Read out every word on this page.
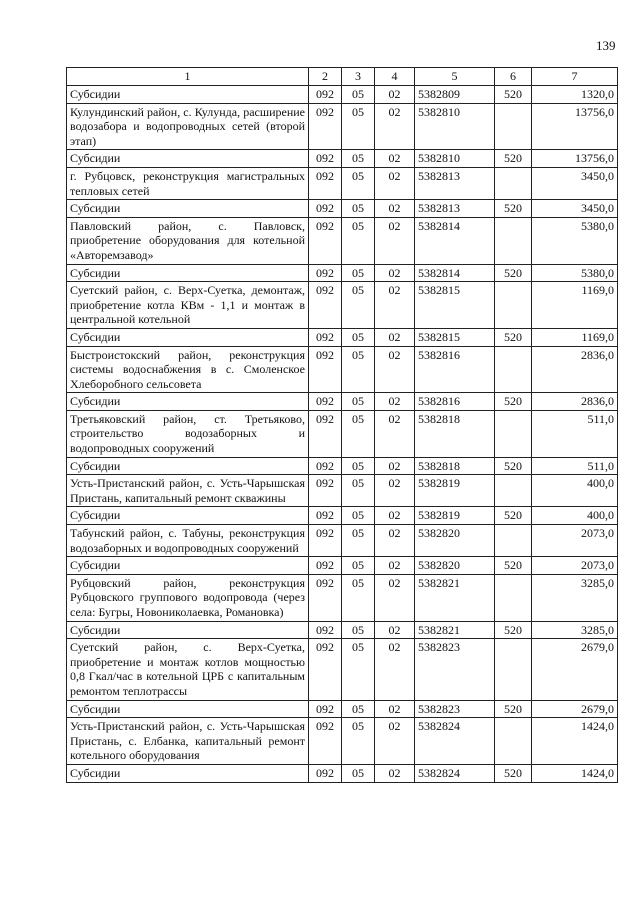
139
1	2	3	4	5	6	7
Субсидии	092	05	02	5382809	520	1320,0
Кулундинский район, с. Кулунда, расширение водозабора и водопроводных сетей (второй этап)	092	05	02	5382810		13756,0
Субсидии	092	05	02	5382810	520	13756,0
г. Рубцовск, реконструкция магистральных тепловых сетей	092	05	02	5382813		3450,0
Субсидии	092	05	02	5382813	520	3450,0
Павловский район, с. Павловск, приобретение оборудования для котельной «Авторемзавод»	092	05	02	5382814		5380,0
Субсидии	092	05	02	5382814	520	5380,0
Суетский район, с. Верх-Суетка, демонтаж, приобретение котла КВм - 1,1 и монтаж в центральной котельной	092	05	02	5382815		1169,0
Субсидии	092	05	02	5382815	520	1169,0
Быстроистокский район, реконструкция системы водоснабжения в с. Смоленское Хлеборобного сельсовета	092	05	02	5382816		2836,0
Субсидии	092	05	02	5382816	520	2836,0
Третьяковский район, ст. Третьяково, строительство водозаборных и водопроводных сооружений	092	05	02	5382818		511,0
Субсидии	092	05	02	5382818	520	511,0
Усть-Пристанский район, с. Усть-Чарышская Пристань, капитальный ремонт скважины	092	05	02	5382819		400,0
Субсидии	092	05	02	5382819	520	400,0
Табунский район, с. Табуны, реконструкция водозаборных и водопроводных сооружений	092	05	02	5382820		2073,0
Субсидии	092	05	02	5382820	520	2073,0
Рубцовский район, реконструкция Рубцовского группового водопровода (через села: Бугры, Новониколаевка, Романовка)	092	05	02	5382821		3285,0
Субсидии	092	05	02	5382821	520	3285,0
Суетский район, с. Верх-Суетка, приобретение и монтаж котлов мощностью 0,8 Гкал/час в котельной ЦРБ с капитальным ремонтом теплотрассы	092	05	02	5382823		2679,0
Субсидии	092	05	02	5382823	520	2679,0
Усть-Пристанский район, с. Усть-Чарышская Пристань, с. Елбанка, капитальный ремонт котельного оборудования	092	05	02	5382824		1424,0
Субсидии	092	05	02	5382824	520	1424,0
